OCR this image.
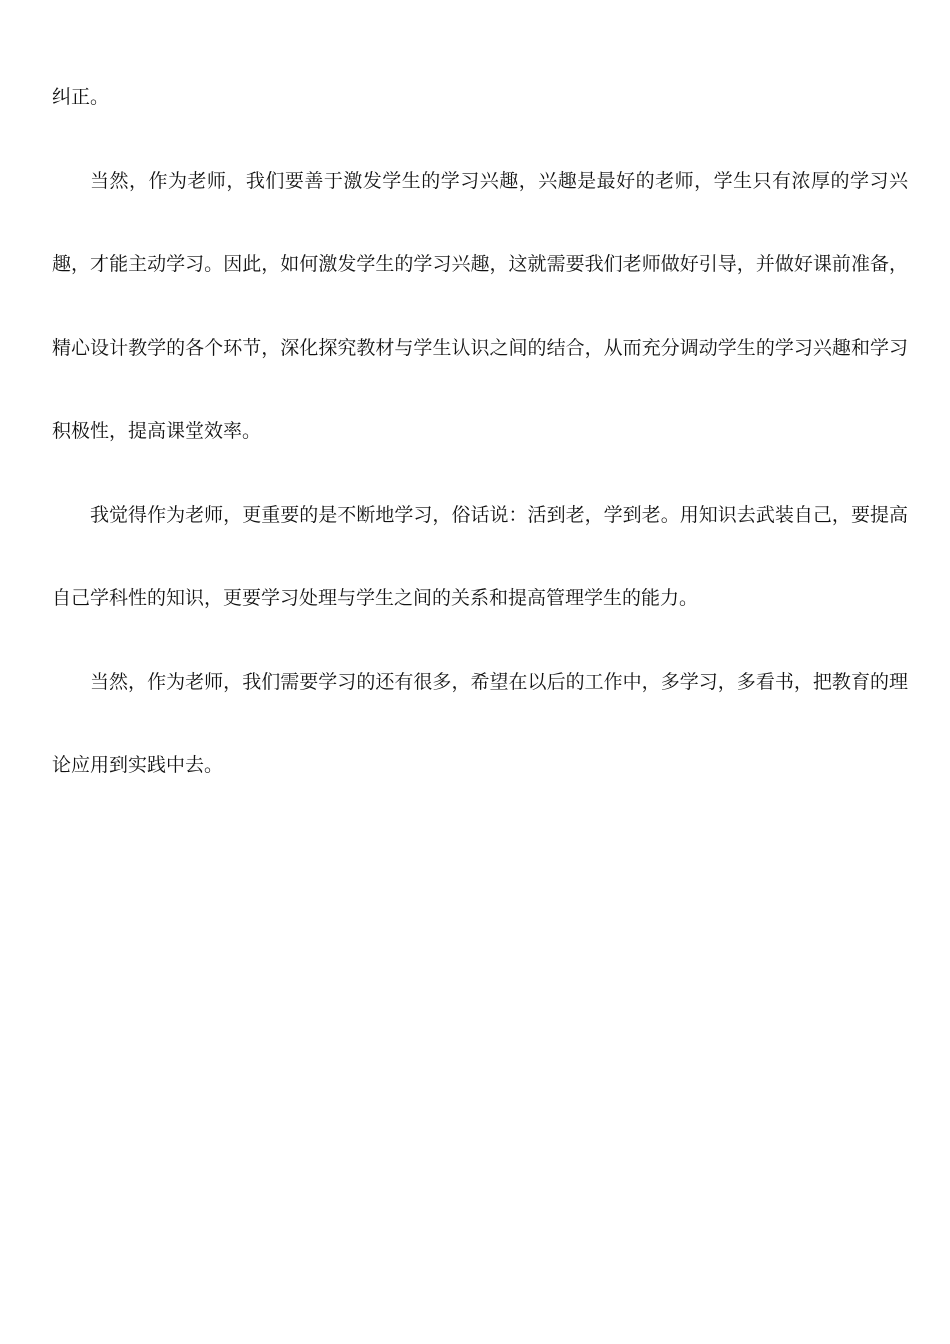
纠正。

当然，作为老师，我们要善于激发学生的学习兴趣，兴趣是最好的老师，学生只有浓厚的学习兴趣，才能主动学习。因此，如何激发学生的学习兴趣，这就需要我们老师做好引导，并做好课前准备，精心设计教学的各个环节，深化探究教材与学生认识之间的结合，从而充分调动学生的学习兴趣和学习积极性，提高课堂效率。

我觉得作为老师，更重要的是不断地学习，俗话说：活到老，学到老。用知识去武装自己，要提高自己学科性的知识，更要学习处理与学生之间的关系和提高管理学生的能力。

当然，作为老师，我们需要学习的还有很多，希望在以后的工作中，多学习，多看书，把教育的理论应用到实践中去。
